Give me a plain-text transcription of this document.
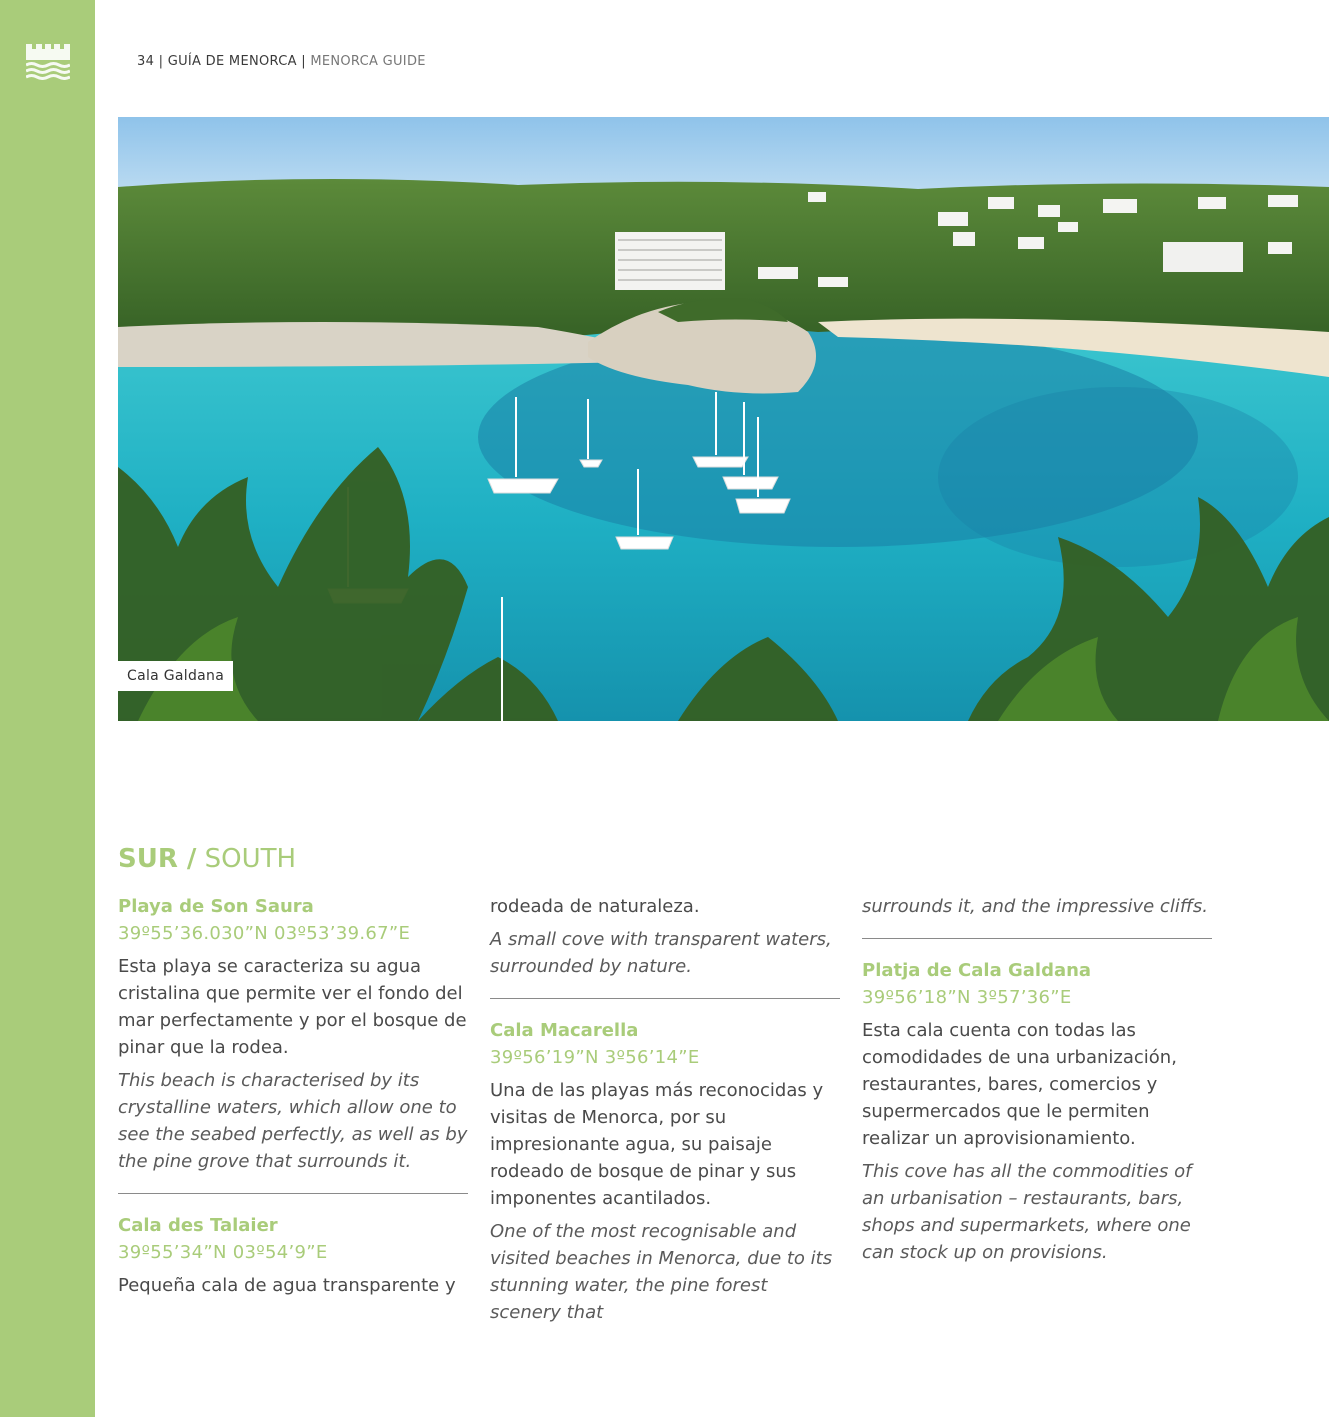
34 | GUÍA DE MENORCA | MENORCA GUIDE
Cala Galdana
SUR / SOUTH
Playa de Son Saura
39º55’36.030”N 03º53’39.67”E

Esta playa se caracteriza su agua cristalina que permite ver el fondo del mar perfectamente y por el bosque de pinar que la rodea.

This beach is characterised by its crystalline waters, which allow one to see the seabed perfectly, as well as by the pine grove that surrounds it.

Cala des Talaier
39º55’34”N 03º54’9”E

Pequeña cala de agua transparente y

rodeada de naturaleza.

A small cove with transparent waters, surrounded by nature.

Cala Macarella
39º56’19”N 3º56’14”E

Una de las playas más reconocidas y visitas de Menorca, por su impresionante agua, su paisaje rodeado de bosque de pinar y sus imponentes acantilados.

One of the most recognisable and visited beaches in Menorca, due to its stunning water, the pine forest scenery that

surrounds it, and the impressive cliffs.

Platja de Cala Galdana
39º56’18”N 3º57’36”E

Esta cala cuenta con todas las comodidades de una urbanización, restaurantes, bares, comercios y supermercados que le permiten realizar un aprovisionamiento.

This cove has all the commodities of an urbanisation – restaurants, bars, shops and supermarkets, where one can stock up on provisions.
